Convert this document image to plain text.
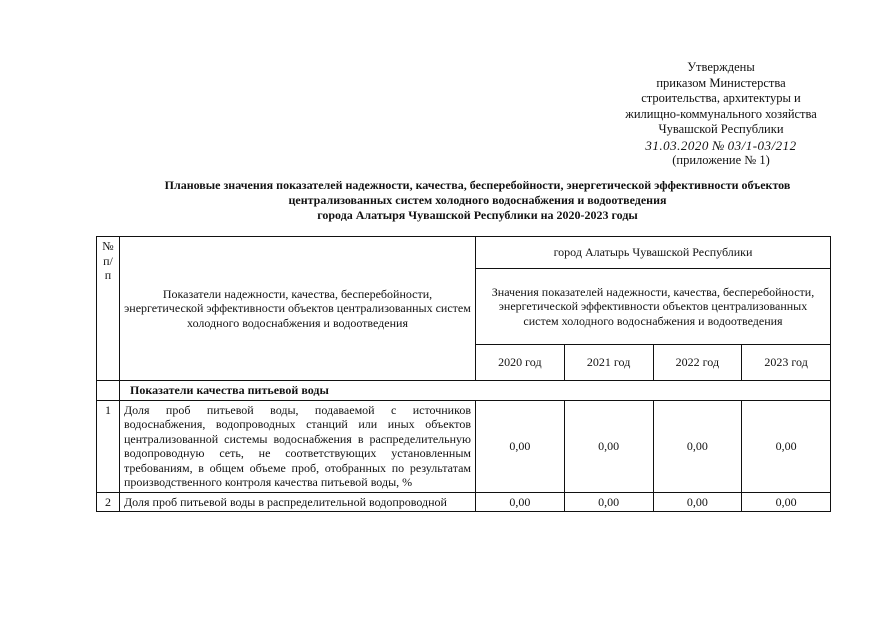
Утверждены
приказом Министерства
строительства, архитектуры и
жилищно-коммунального хозяйства
Чувашской Республики
31.03.2020 № 03/1-03/212
(приложение № 1)
Плановые значения показателей надежности, качества, бесперебойности, энергетической эффективности объектов
централизованных систем холодного водоснабжения и водоотведения
города Алатыря Чувашской Республики на 2020-2023 годы
№ п/п	Показатели надежности, качества, бесперебойности, энергетической эффективности объектов централизованных систем холодного водоснабжения и водоотведения	город Алатырь Чувашской Республики			
		Значения показателей надежности, качества, бесперебойности, энергетической эффективности объектов централизованных систем холодного водоснабжения и водоотведения			
		2020 год	2021 год	2022 год	2023 год
	Показатели качества питьевой воды				
1	Доля проб питьевой воды, подаваемой с источников водоснабжения, водопроводных станций или иных объектов централизованной системы водоснабжения в распределительную водопроводную сеть, не соответствующих установленным требованиям, в общем объеме проб, отобранных по результатам производственного контроля качества питьевой воды, %	0,00	0,00	0,00	0,00
2	Доля проб питьевой воды в распределительной водопроводной	0,00	0,00	0,00	0,00
